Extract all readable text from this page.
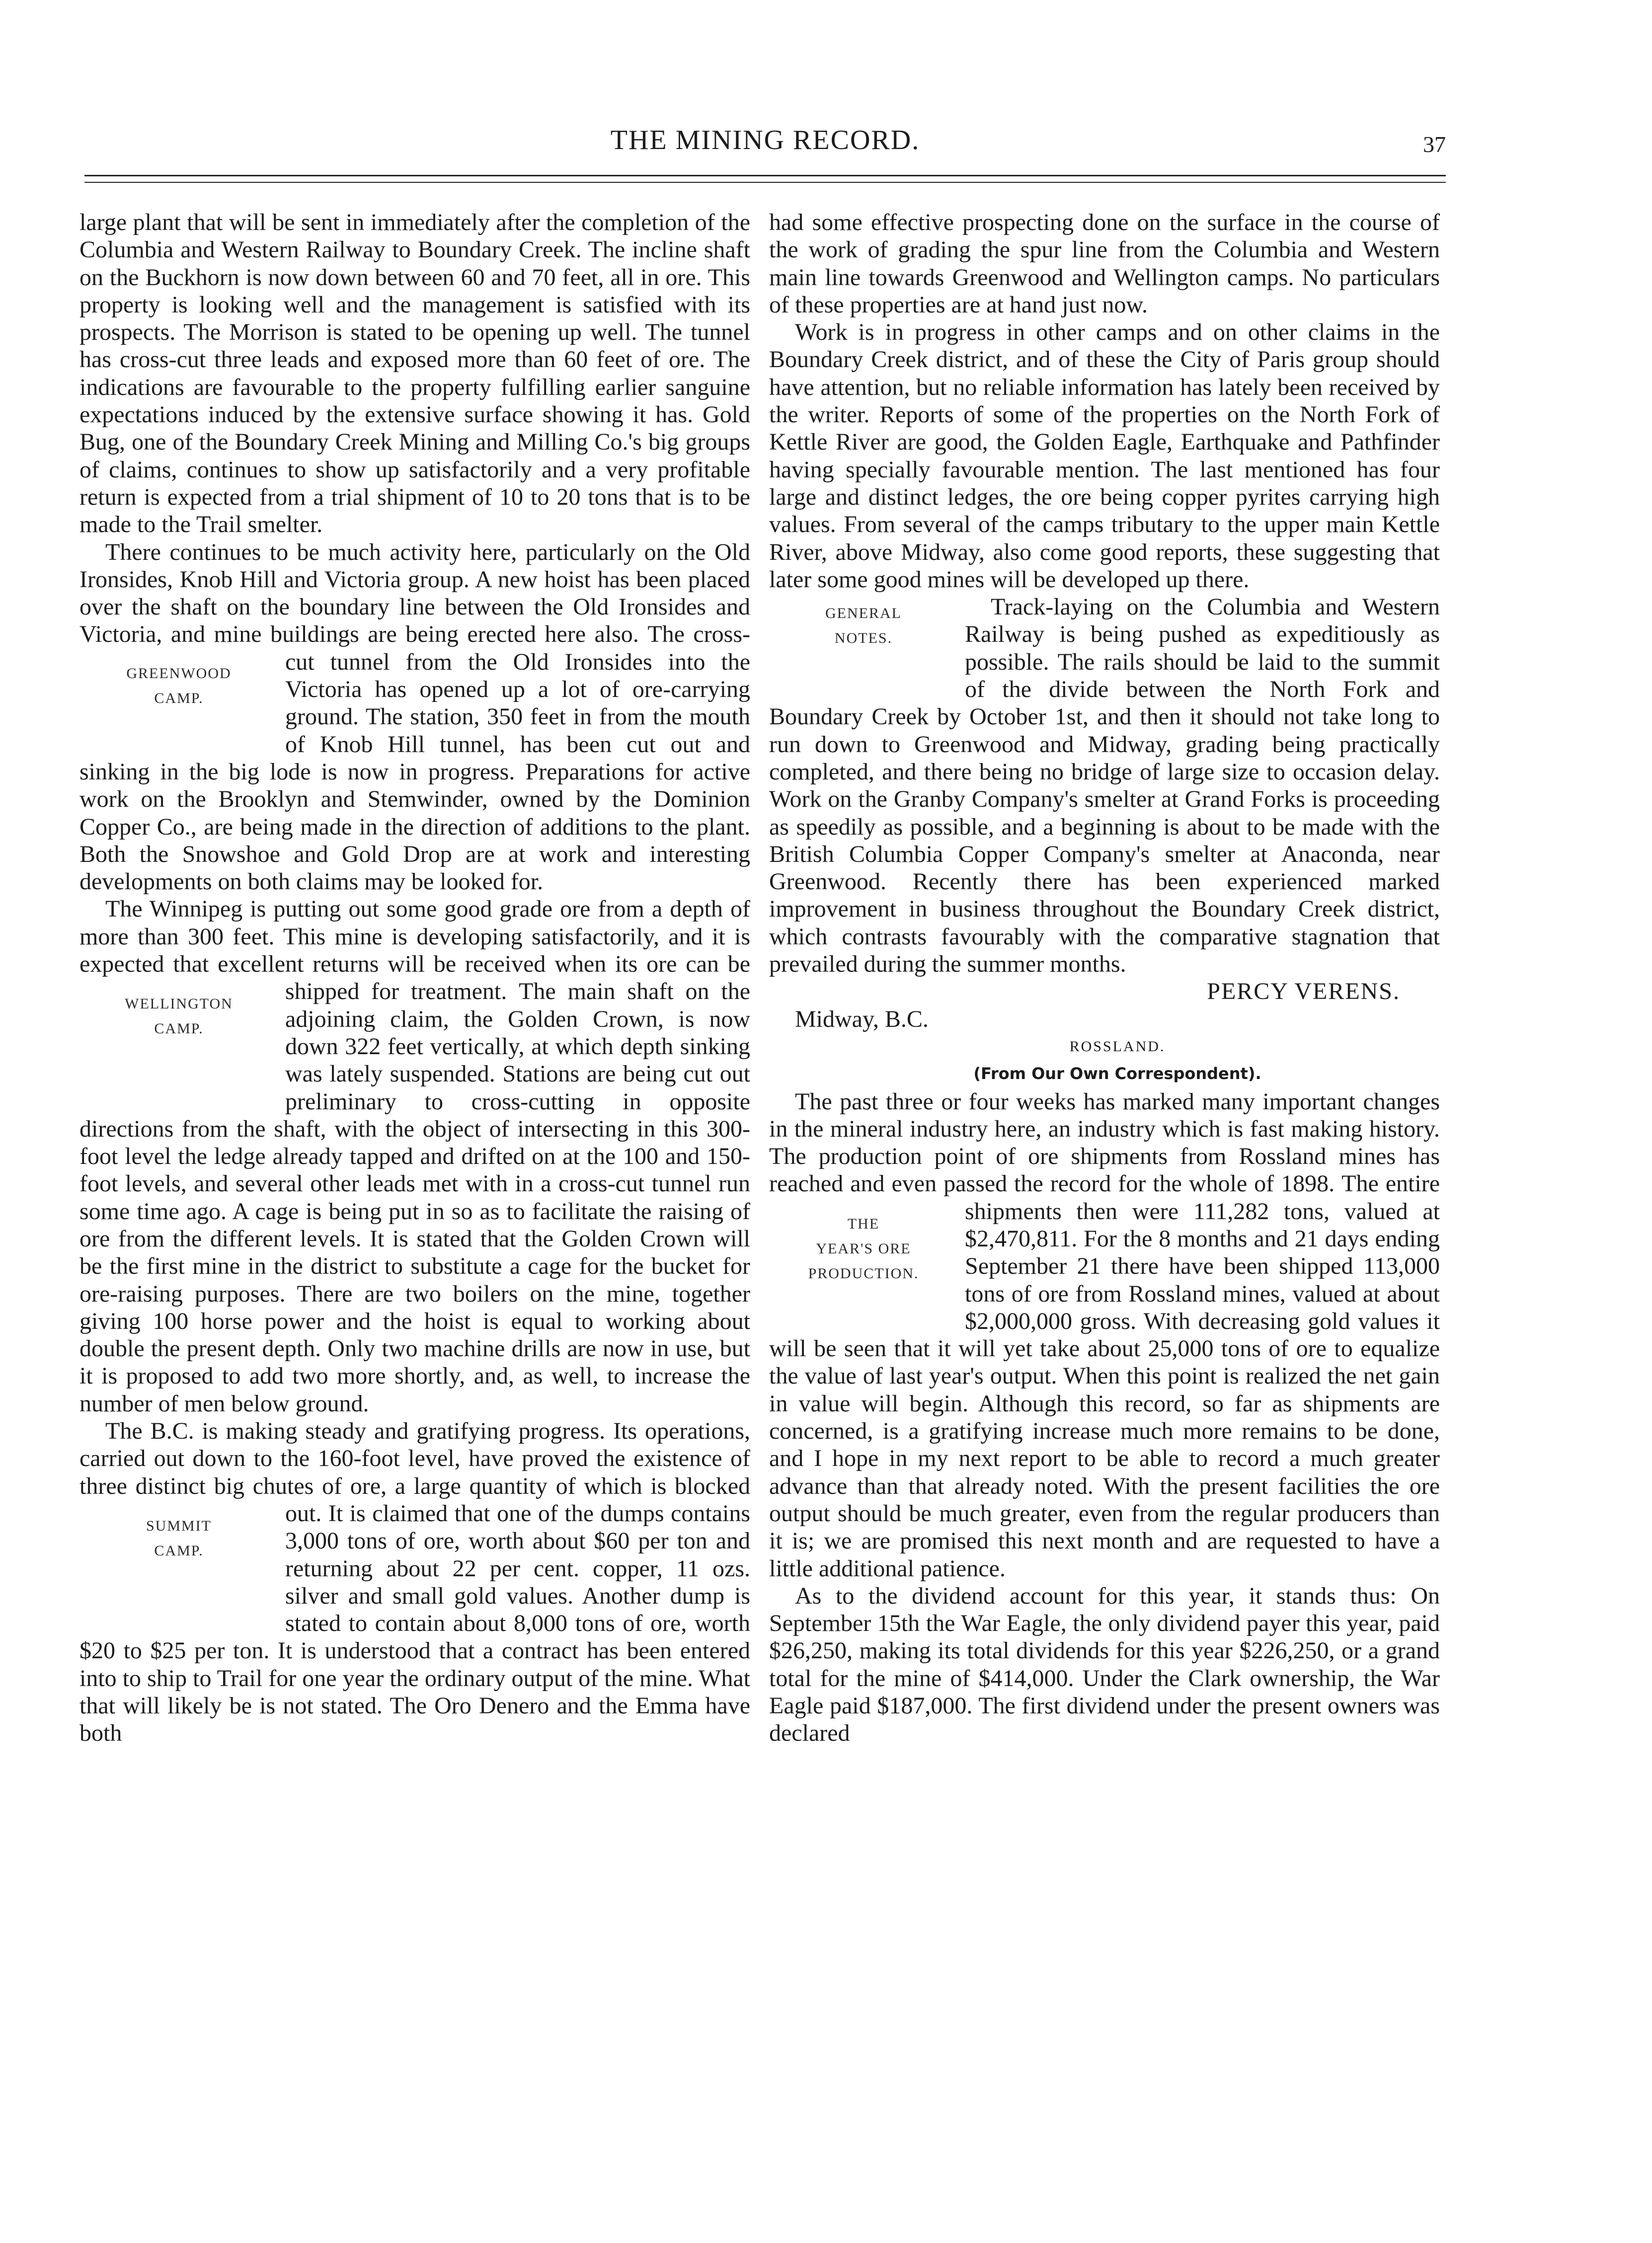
THE MINING RECORD.	37

large plant that will be sent in immediately after the completion of the Columbia and Western Railway to Boundary Creek. The incline shaft on the Buckhorn is now down between 60 and 70 feet, all in ore. This property is looking well and the management is satisfied with its prospects. The Morrison is stated to be opening up well. The tunnel has cross-cut three leads and exposed more than 60 feet of ore. The indications are favourable to the property fulfilling earlier sanguine expectations induced by the extensive surface showing it has. Gold Bug, one of the Boundary Creek Mining and Milling Co.'s big groups of claims, continues to show up satisfactorily and a very profitable return is expected from a trial shipment of 10 to 20 tons that is to be made to the Trail smelter.

There continues to be much activity here, particularly on the Old Ironsides, Knob Hill and Victoria group. A new hoist has been placed over the shaft on the boundary line between the Old Ironsides and Victoria, and mine buildings are being erected here also.
GREENWOOD
CAMP.
The cross-cut tunnel from the Old Ironsides into the Victoria has opened up a lot of ore-carrying ground. The station, 350 feet in from the mouth of Knob Hill tunnel, has been cut out and sinking in the big lode is now in progress. Preparations for active work on the Brooklyn and Stemwinder, owned by the Dominion Copper Co., are being made in the direction of additions to the plant. Both the Snowshoe and Gold Drop are at work and interesting developments on both claims may be looked for.

The Winnipeg is putting out some good grade ore from a depth of more than 300 feet. This mine is developing satisfactorily, and it is expected that excellent returns will be received when its ore can be shipped for treatment.
WELLINGTON
CAMP.
The main shaft on the adjoining claim, the Golden Crown, is now down 322 feet vertically, at which depth sinking was lately suspended. Stations are being cut out preliminary to cross-cutting in opposite directions from the shaft, with the object of intersecting in this 300-foot level the ledge already tapped and drifted on at the 100 and 150-foot levels, and several other leads met with in a cross-cut tunnel run some time ago. A cage is being put in so as to facilitate the raising of ore from the different levels. It is stated that the Golden Crown will be the first mine in the district to substitute a cage for the bucket for ore-raising purposes. There are two boilers on the mine, together giving 100 horse power and the hoist is equal to working about double the present depth. Only two machine drills are now in use, but it is proposed to add two more shortly, and, as well, to increase the number of men below ground.

The B.C. is making steady and gratifying progress. Its operations, carried out down to the 160-foot level, have proved the existence of three distinct big chutes of ore, a large quantity of which is blocked out.
SUMMIT
CAMP.
It is claimed that one of the dumps contains 3,000 tons of ore, worth about $60 per ton and returning about 22 per cent. copper, 11 ozs. silver and small gold values. Another dump is stated to contain about 8,000 tons of ore, worth $20 to $25 per ton. It is understood that a contract has been entered into to ship to Trail for one year the ordinary output of the mine. What that will likely be is not stated. The Oro Denero and the Emma have both

had some effective prospecting done on the surface in the course of the work of grading the spur line from the Columbia and Western main line towards Greenwood and Wellington camps. No particulars of these properties are at hand just now.

Work is in progress in other camps and on other claims in the Boundary Creek district, and of these the City of Paris group should have attention, but no reliable information has lately been received by the writer. Reports of some of the properties on the North Fork of Kettle River are good, the Golden Eagle, Earthquake and Pathfinder having specially favourable mention. The last mentioned has four large and distinct ledges, the ore being copper pyrites carrying high values. From several of the camps tributary to the upper main Kettle River, above Midway, also come good reports, these suggesting that later some good mines will be developed up there.

GENERAL
NOTES.
Track-laying on the Columbia and Western Railway is being pushed as expeditiously as possible. The rails should be laid to the summit of the divide between the North Fork and Boundary Creek by October 1st, and then it should not take long to run down to Greenwood and Midway, grading being practically completed, and there being no bridge of large size to occasion delay. Work on the Granby Company's smelter at Grand Forks is proceeding as speedily as possible, and a beginning is about to be made with the British Columbia Copper Company's smelter at Anaconda, near Greenwood. Recently there has been experienced marked improvement in business throughout the Boundary Creek district, which contrasts favourably with the comparative stagnation that prevailed during the summer months.

PERCY VERENS.

Midway, B.C.

ROSSLAND.

(From Our Own Correspondent).

The past three or four weeks has marked many important changes in the mineral industry here, an industry which is fast making history. The production point of ore shipments from Rossland mines has reached and even passed the record for the whole of 1898.
THE
YEAR'S ORE
PRODUCTION.
The entire shipments then were 111,282 tons, valued at $2,470,811. For the 8 months and 21 days ending September 21 there have been shipped 113,000 tons of ore from Rossland mines, valued at about $2,000,000 gross. With decreasing gold values it will be seen that it will yet take about 25,000 tons of ore to equalize the value of last year's output. When this point is realized the net gain in value will begin. Although this record, so far as shipments are concerned, is a gratifying increase much more remains to be done, and I hope in my next report to be able to record a much greater advance than that already noted. With the present facilities the ore output should be much greater, even from the regular producers than it is; we are promised this next month and are requested to have a little additional patience.

As to the dividend account for this year, it stands thus: On September 15th the War Eagle, the only dividend payer this year, paid $26,250, making its total dividends for this year $226,250, or a grand total for the mine of $414,000. Under the Clark ownership, the War Eagle paid $187,000. The first dividend under the present owners was declared
